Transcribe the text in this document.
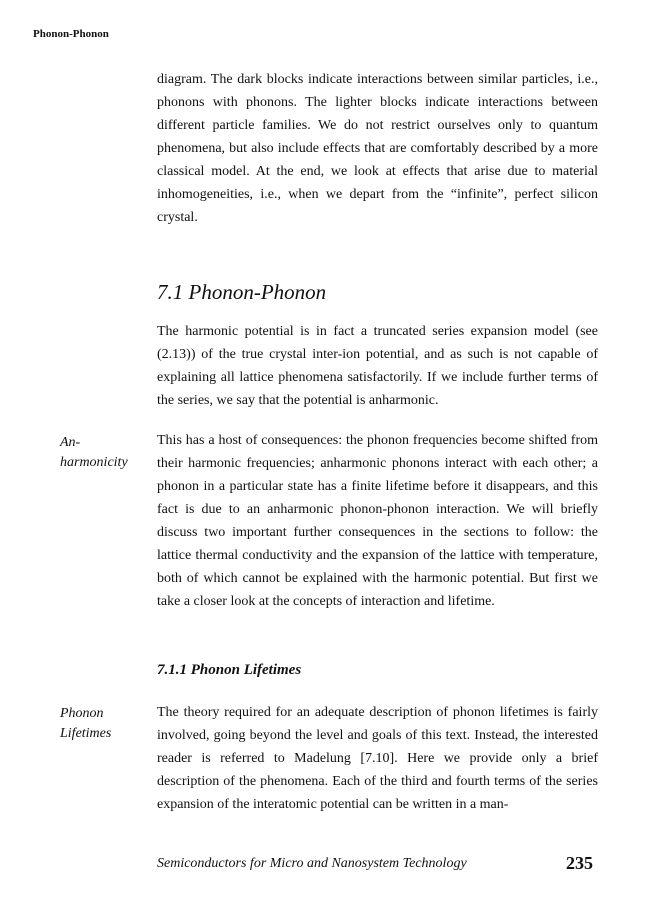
Phonon-Phonon

diagram. The dark blocks indicate interactions between similar particles, i.e., phonons with phonons. The lighter blocks indicate interactions between different particle families. We do not restrict ourselves only to quantum phenomena, but also include effects that are comfortably described by a more classical model. At the end, we look at effects that arise due to material inhomogeneities, i.e., when we depart from the “infinite”, perfect silicon crystal.

7.1 Phonon-Phonon

The harmonic potential is in fact a truncated series expansion model (see (2.13)) of the true crystal inter-ion potential, and as such is not capable of explaining all lattice phenomena satisfactorily. If we include further terms of the series, we say that the potential is anharmonic.

An-harmonicity

This has a host of consequences: the phonon frequencies become shifted from their harmonic frequencies; anharmonic phonons interact with each other; a phonon in a particular state has a finite lifetime before it disappears, and this fact is due to an anharmonic phonon-phonon interaction. We will briefly discuss two important further consequences in the sections to follow: the lattice thermal conductivity and the expansion of the lattice with temperature, both of which cannot be explained with the harmonic potential. But first we take a closer look at the concepts of interaction and lifetime.

7.1.1 Phonon Lifetimes
Phonon Lifetimes

The theory required for an adequate description of phonon lifetimes is fairly involved, going beyond the level and goals of this text. Instead, the interested reader is referred to Madelung [7.10]. Here we provide only a brief description of the phenomena. Each of the third and fourth terms of the series expansion of the interatomic potential can be written in a man-

Semiconductors for Micro and Nanosystem Technology	235
